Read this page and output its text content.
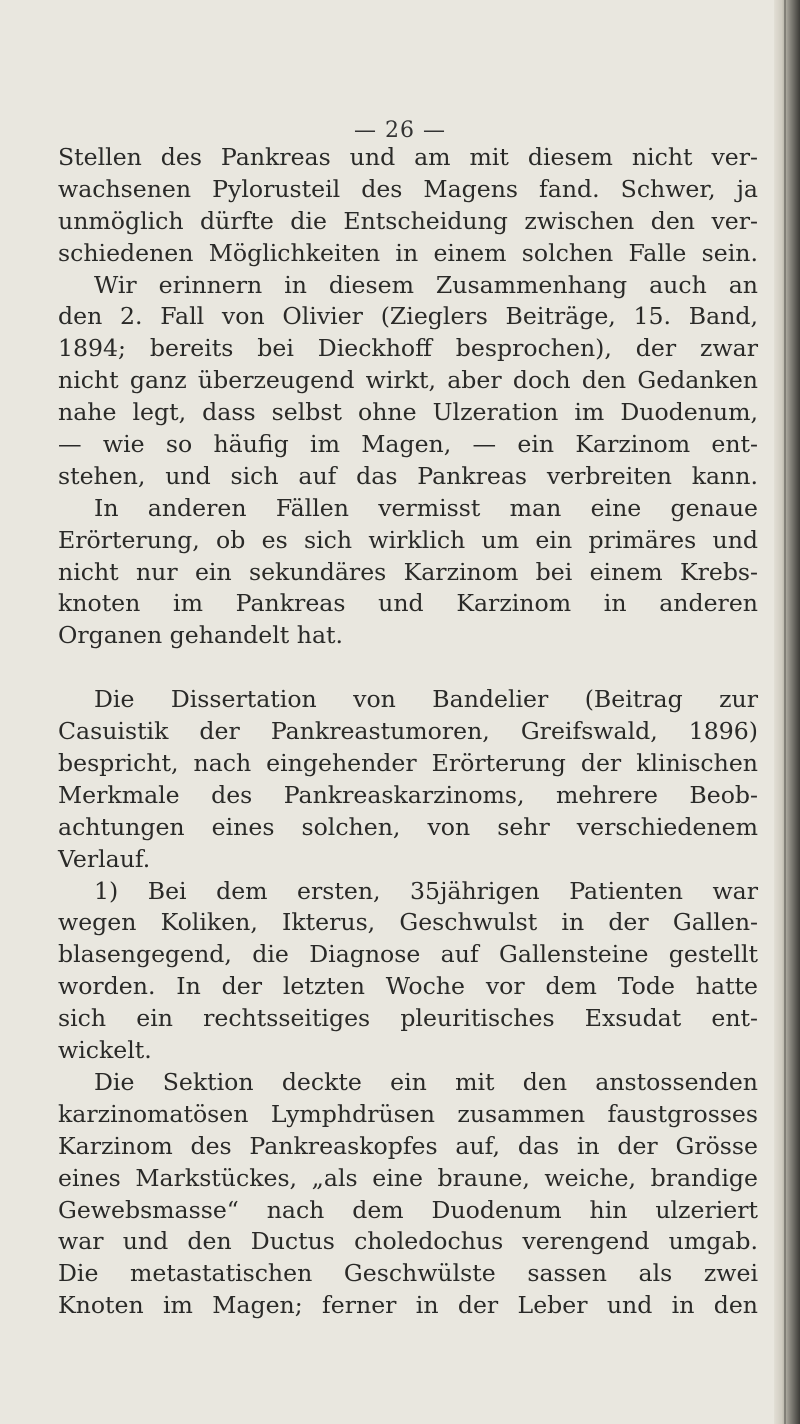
— 26 —
Stellen des Pankreas und am mit diesem nicht ver-
wachsenen Pylorusteil des Magens fand. Schwer, ja
unmöglich dürfte die Entscheidung zwischen den ver-
schiedenen Möglichkeiten in einem solchen Falle sein.
Wir erinnern in diesem Zusammenhang auch an
den 2. Fall von Olivier (Zieglers Beiträge, 15. Band,
1894; bereits bei Dieckhoff besprochen), der zwar
nicht ganz überzeugend wirkt, aber doch den Gedanken
nahe legt, dass selbst ohne Ulzeration im Duodenum,
— wie so häufig im Magen, — ein Karzinom ent-
stehen, und sich auf das Pankreas verbreiten kann.
In anderen Fällen vermisst man eine genaue
Erörterung, ob es sich wirklich um ein primäres und
nicht nur ein sekundäres Karzinom bei einem Krebs-
knoten im Pankreas und Karzinom in anderen
Organen gehandelt hat.
Die Dissertation von Bandelier (Beitrag zur
Casuistik der Pankreastumoren, Greifswald, 1896)
bespricht, nach eingehender Erörterung der klinischen
Merkmale des Pankreaskarzinoms, mehrere Beob-
achtungen eines solchen, von sehr verschiedenem
Verlauf.
1) Bei dem ersten, 35jährigen Patienten war
wegen Koliken, Ikterus, Geschwulst in der Gallen-
blasengegend, die Diagnose auf Gallensteine gestellt
worden. In der letzten Woche vor dem Tode hatte
sich ein rechtsseitiges pleuritisches Exsudat ent-
wickelt.
Die Sektion deckte ein mit den anstossenden
karzinomatösen Lymphdrüsen zusammen faustgrosses
Karzinom des Pankreaskopfes auf, das in der Grösse
eines Markstückes, „als eine braune, weiche, brandige
Gewebsmasse“ nach dem Duodenum hin ulzeriert
war und den Ductus choledochus verengend umgab.
Die metastatischen Geschwülste sassen als zwei
Knoten im Magen; ferner in der Leber und in den
